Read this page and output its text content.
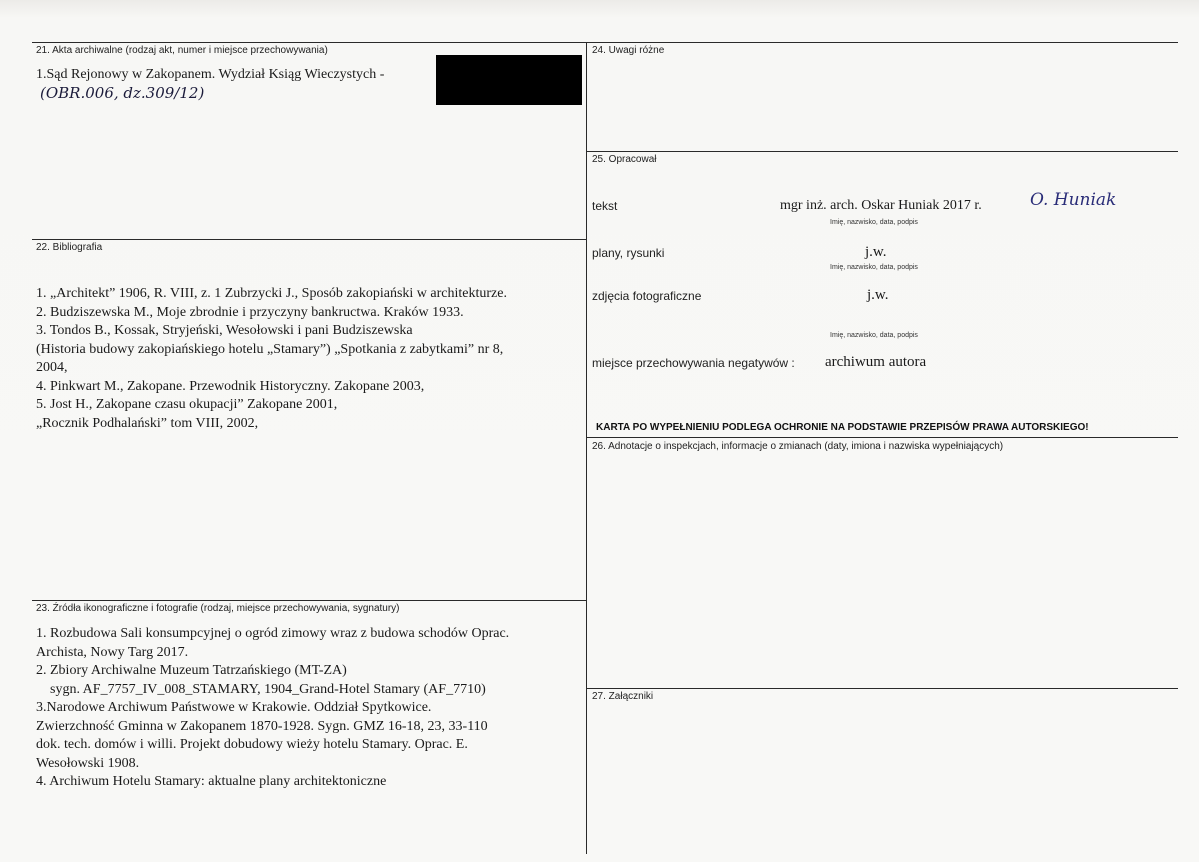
21. Akta archiwalne (rodzaj akt, numer i miejsce przechowywania)
1.Sąd Rejonowy w Zakopanem. Wydział Ksiąg Wieczystych -
(OBR.006, dz.309/12)
22. Bibliografia
1. „Architekt” 1906, R. VIII, z. 1 Zubrzycki J., Sposób zakopiański w architekturze.
2. Budziszewska M., Moje zbrodnie i przyczyny bankructwa. Kraków 1933.
3. Tondos B., Kossak, Stryjeński, Wesołowski i pani Budziszewska
(Historia budowy zakopiańskiego hotelu „Stamary”) „Spotkania z zabytkami” nr 8,
2004,
4. Pinkwart M., Zakopane. Przewodnik Historyczny. Zakopane 2003,
5. Jost H., Zakopane czasu okupacji” Zakopane 2001,
„Rocznik Podhalański” tom VIII, 2002,
23. Źródła ikonograficzne i fotografie (rodzaj, miejsce przechowywania, sygnatury)
1. Rozbudowa Sali konsumpcyjnej o ogród zimowy wraz z budowa schodów Oprac.
Archista, Nowy Targ 2017.
2. Zbiory Archiwalne Muzeum Tatrzańskiego (MT-ZA)
sygn. AF_7757_IV_008_STAMARY, 1904_Grand-Hotel Stamary (AF_7710)
3.Narodowe Archiwum Państwowe w Krakowie. Oddział Spytkowice.
Zwierzchność Gminna w Zakopanem 1870-1928. Sygn. GMZ 16-18, 23, 33-110
dok. tech. domów i willi. Projekt dobudowy wieży hotelu Stamary. Oprac. E.
Wesołowski 1908.
4. Archiwum Hotelu Stamary: aktualne plany architektoniczne
24. Uwagi różne
25. Opracował
tekst	mgr inż. arch. Oskar Huniak 2017 r.	O. Huniak
Imię, nazwisko, data, podpis
plany, rysunki	j.w.
Imię, nazwisko, data, podpis
zdjęcia fotograficzne	j.w.
Imię, nazwisko, data, podpis
miejsce przechowywania negatywów : archiwum autora
KARTA PO WYPEŁNIENIU PODLEGA OCHRONIE NA PODSTAWIE PRZEPISÓW PRAWA AUTORSKIEGO!
26. Adnotacje o inspekcjach, informacje o zmianach (daty, imiona i nazwiska wypełniających)
27. Załączniki
